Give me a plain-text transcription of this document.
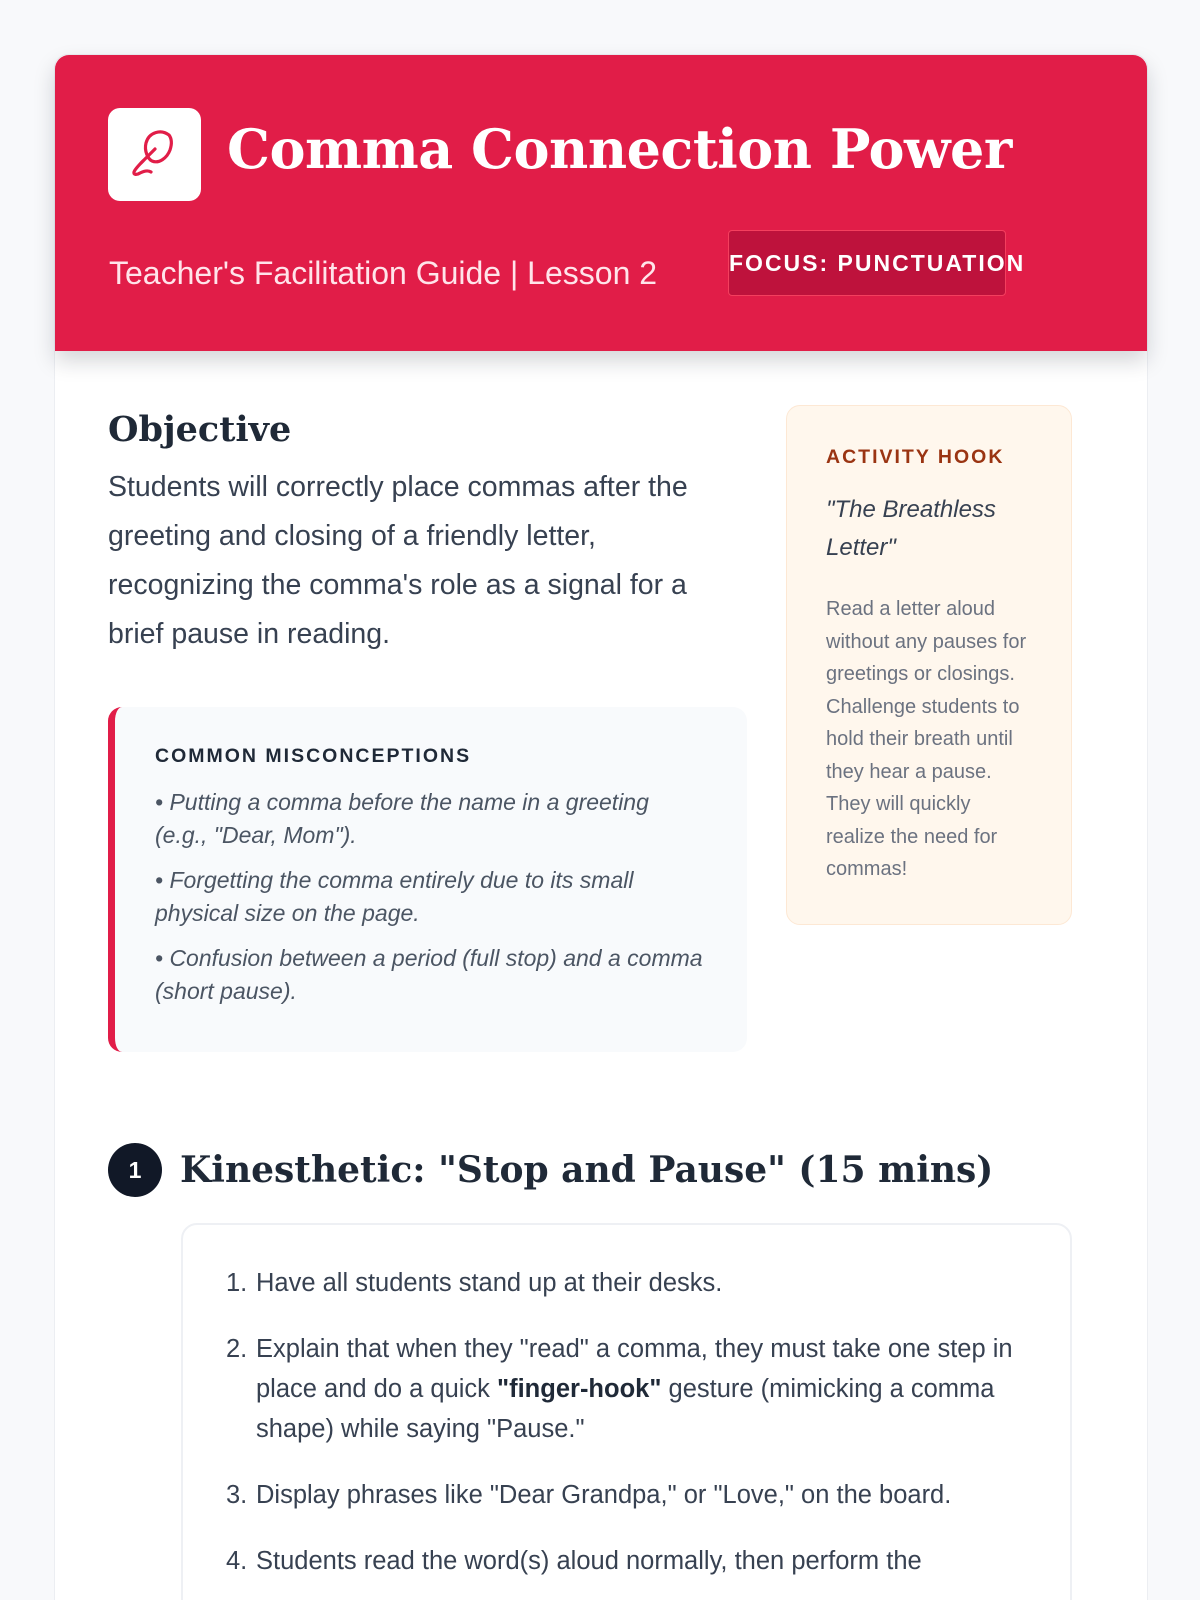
Comma Connection Power
Teacher's Facilitation Guide | Lesson 2	FOCUS: PUNCTUATION
Objective

Students will correctly place commas after the greeting and closing of a friendly letter, recognizing the comma's role as a signal for a brief pause in reading.

COMMON MISCONCEPTIONS

• Putting a comma before the name in a greeting (e.g., "Dear, Mom").

• Forgetting the comma entirely due to its small physical size on the page.

• Confusion between a period (full stop) and a comma (short pause).

ACTIVITY HOOK

"The Breathless Letter"

Read a letter aloud without any pauses for greetings or closings. Challenge students to hold their breath until they hear a pause. They will quickly realize the need for commas!

1	Kinesthetic: "Stop and Pause" (15 mins)
1. Have all students stand up at their desks.
2. Explain that when they "read" a comma, they must take one step in place and do a quick "finger-hook" gesture (mimicking a comma shape) while saying "Pause."
3. Display phrases like "Dear Grandpa," or "Love," on the board.
4. Students read the word(s) aloud normally, then perform the
